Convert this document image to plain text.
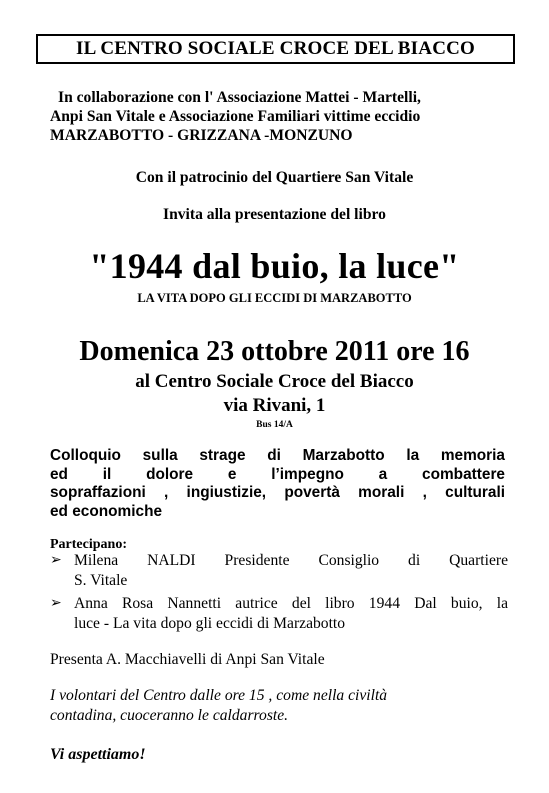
IL CENTRO SOCIALE CROCE DEL BIACCO
In collaborazione con l' Associazione Mattei - Martelli,
Anpi San Vitale e Associazione Familiari vittime eccidio
MARZABOTTO - GRIZZANA -MONZUNO
Con il patrocinio del Quartiere San Vitale
Invita alla presentazione del libro
"1944 dal buio, la luce"
LA VITA DOPO GLI ECCIDI DI MARZABOTTO
Domenica 23 ottobre 2011 ore 16
al Centro Sociale Croce del Biacco
via Rivani, 1
Bus 14/A
Colloquio sulla strage di Marzabotto la memoria
ed il dolore e l’impegno a combattere
sopraffazioni , ingiustizie, povertà morali , culturali
ed economiche
Partecipano:
➢ Milena NALDI Presidente Consiglio di Quartiere
S. Vitale
➢ Anna Rosa Nannetti autrice del libro 1944 Dal buio, la
luce - La vita dopo gli eccidi di Marzabotto
Presenta A. Macchiavelli di Anpi San Vitale
I volontari del Centro dalle ore 15 , come nella civiltà
contadina, cuoceranno le caldarroste.
Vi aspettiamo!
